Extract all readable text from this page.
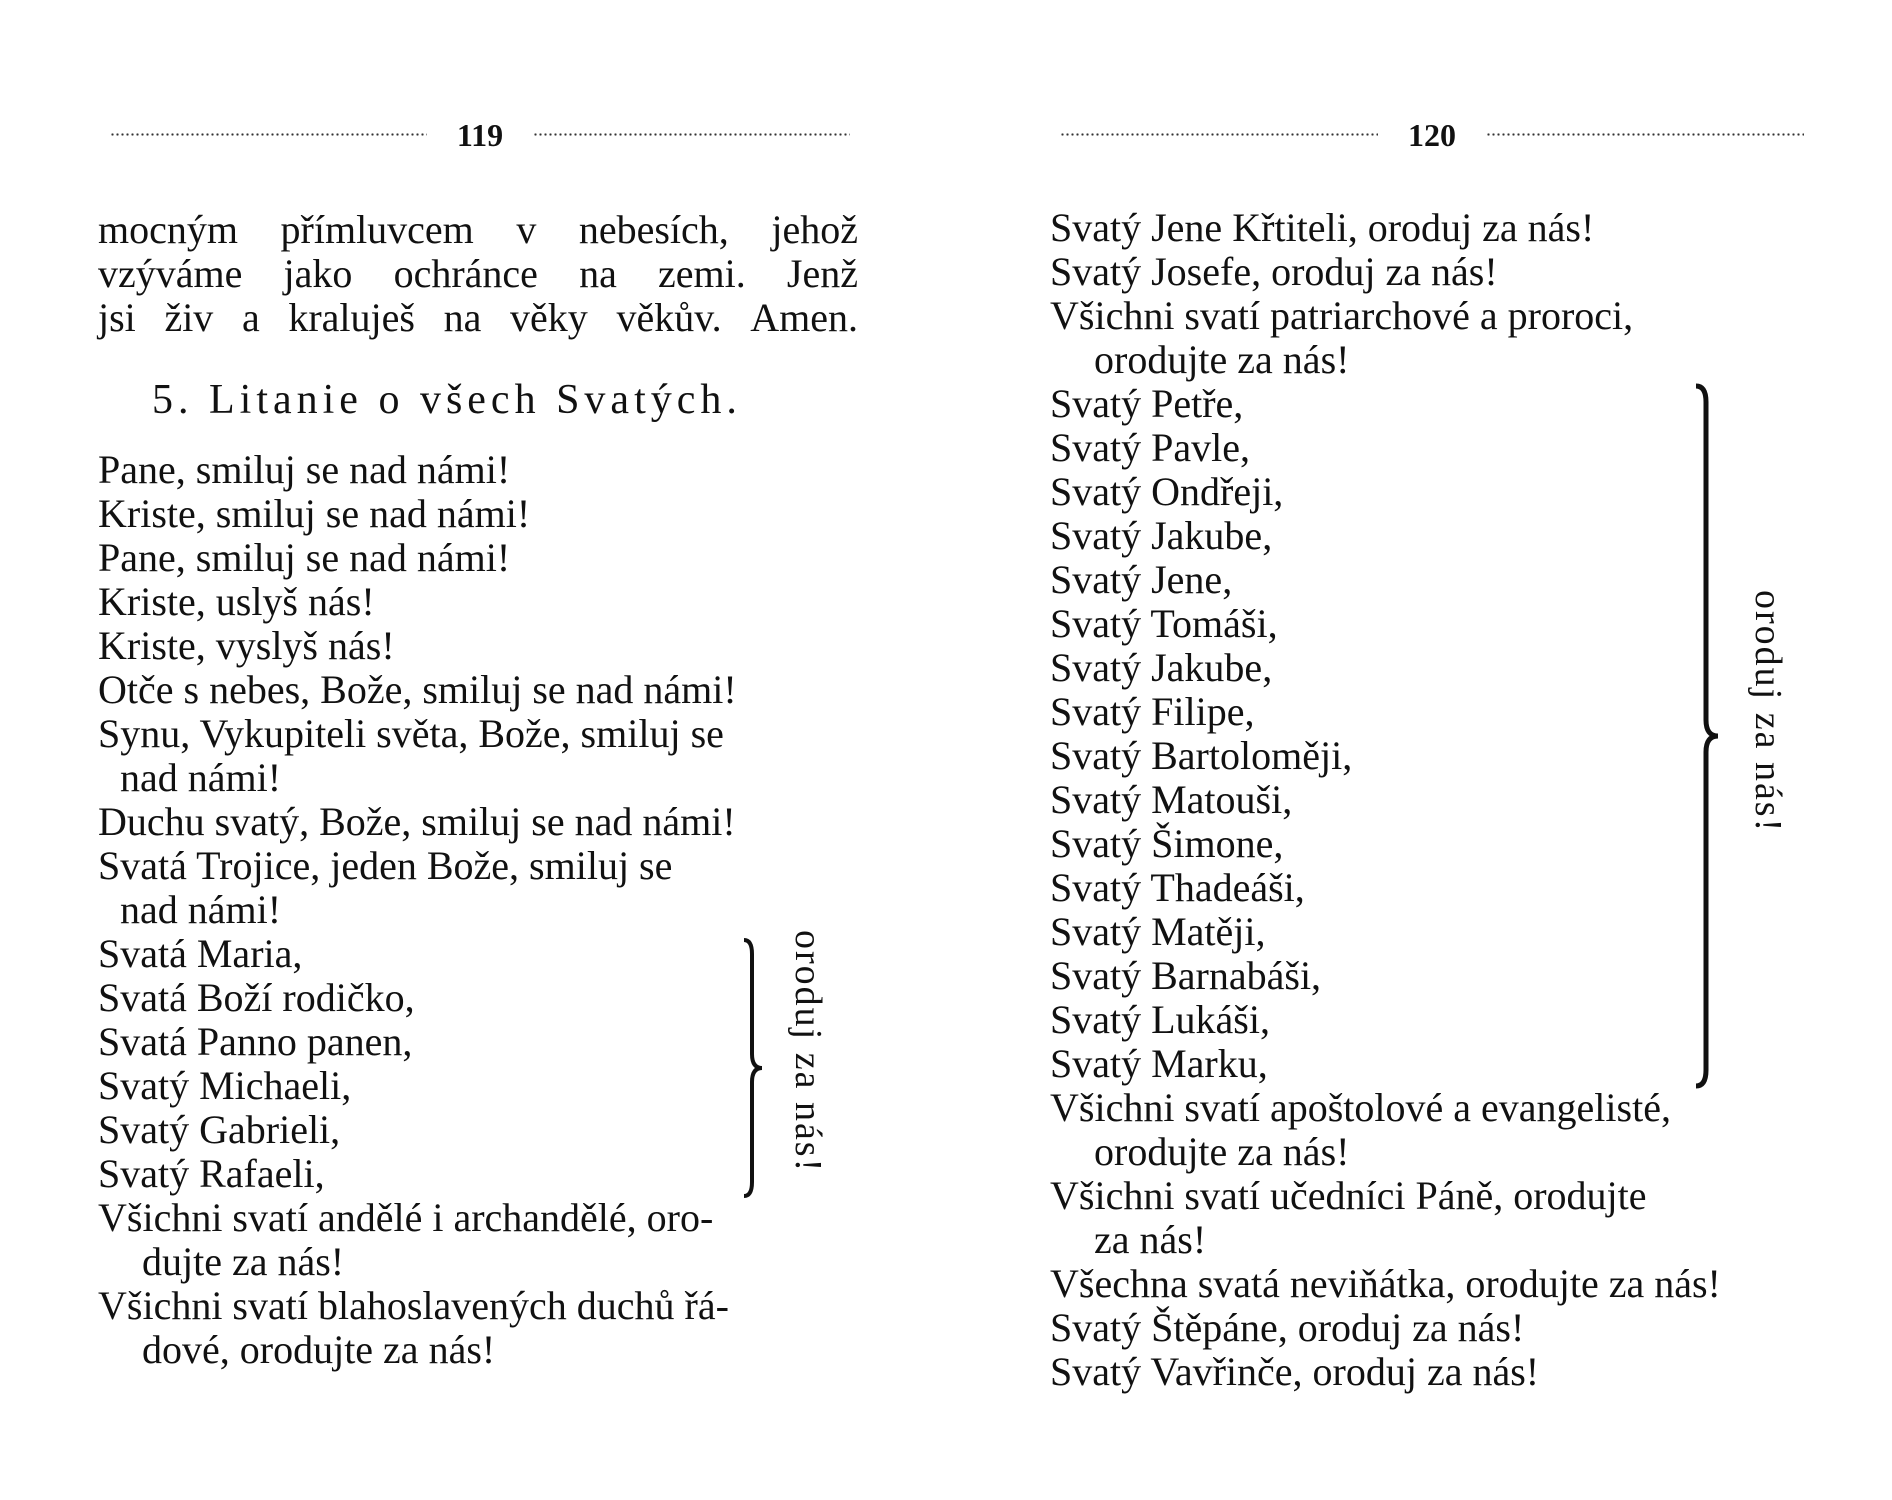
119
mocným přímluvcem v nebesích, jehož
vzýváme jako ochránce na zemi. Jenž
jsi živ a kraluješ na věky věkův. Amen.
5. Litanie o všech Svatých.
Pane, smiluj se nad námi!
Kriste, smiluj se nad námi!
Pane, smiluj se nad námi!
Kriste, uslyš nás!
Kriste, vyslyš nás!
Otče s nebes, Bože, smiluj se nad námi!
Synu, Vykupiteli světa, Bože, smiluj se
nad námi!
Duchu svatý, Bože, smiluj se nad námi!
Svatá Trojice, jeden Bože, smiluj se
nad námi!
Svatá Maria,
Svatá Boží rodičko,
Svatá Panno panen,
Svatý Michaeli,
Svatý Gabrieli,
Svatý Rafaeli,
Všichni svatí andělé i archandělé, oro-
dujte za nás!
Všichni svatí blahoslavených duchů řá-
dové, orodujte za nás!
oroduj za nás!
120
Svatý Jene Křtiteli, oroduj za nás!
Svatý Josefe, oroduj za nás!
Všichni svatí patriarchové a proroci,
orodujte za nás!
Svatý Petře,
Svatý Pavle,
Svatý Ondřeji,
Svatý Jakube,
Svatý Jene,
Svatý Tomáši,
Svatý Jakube,
Svatý Filipe,
Svatý Bartoloměji,
Svatý Matouši,
Svatý Šimone,
Svatý Thadeáši,
Svatý Matěji,
Svatý Barnabáši,
Svatý Lukáši,
Svatý Marku,
Všichni svatí apoštolové a evangelisté,
orodujte za nás!
Všichni svatí učedníci Páně, orodujte
za nás!
Všechna svatá neviňátka, orodujte za nás!
Svatý Štěpáne, oroduj za nás!
Svatý Vavřinče, oroduj za nás!
oroduj za nás!
